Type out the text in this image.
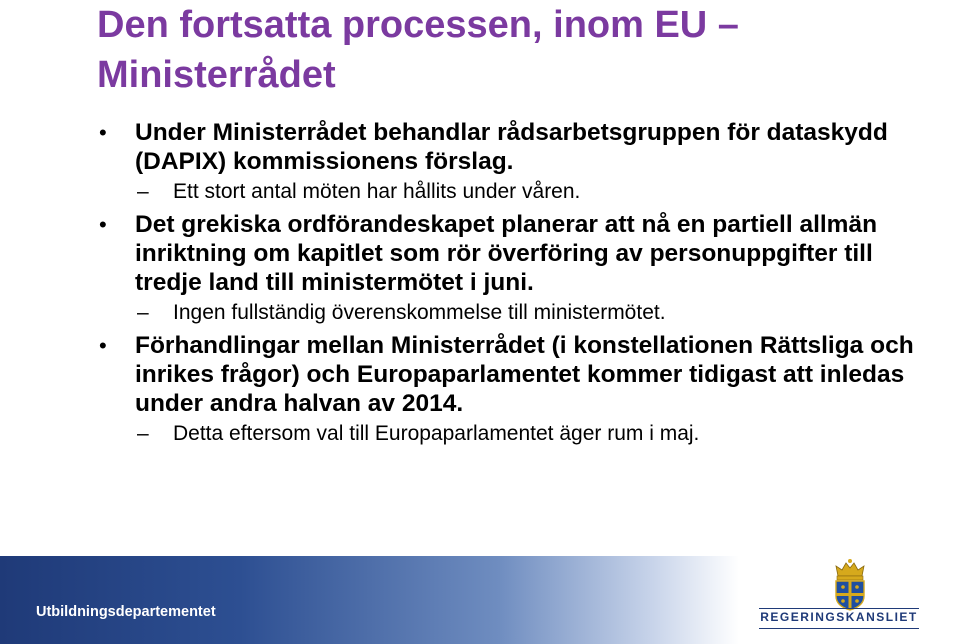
Den fortsatta processen, inom EU – Ministerrådet
• Under Ministerrådet behandlar rådsarbetsgruppen för dataskydd (DAPIX) kommissionens förslag.
– Ett stort antal möten har hållits under våren.
• Det grekiska ordförandeskapet planerar att nå en partiell allmän inriktning om kapitlet som rör överföring av personuppgifter till tredje land till ministermötet i juni.
– Ingen fullständig överenskommelse till ministermötet.
• Förhandlingar mellan Ministerrådet (i konstellationen Rättsliga och inrikes frågor) och Europaparlamentet kommer tidigast att inledas under andra halvan av 2014.
– Detta eftersom val till Europaparlamentet äger rum i maj.
Utbildningsdepartementet	REGERINGSKANSLIET
